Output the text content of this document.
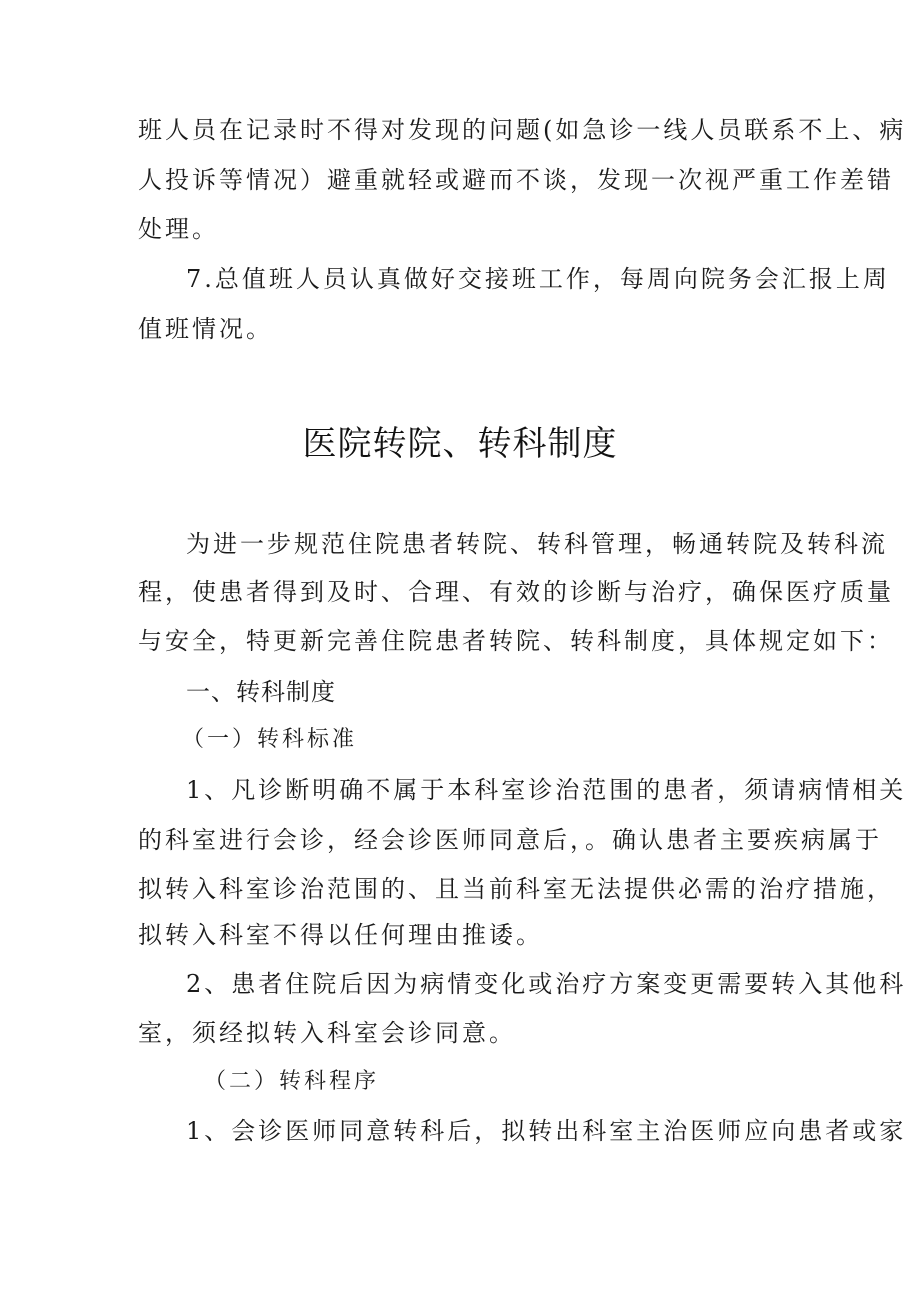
班人员在记录时不得对发现的问题(如急诊一线人员联系不上、病
人投诉等情况）避重就轻或避而不谈，发现一次视严重工作差错
处理。
7.总值班人员认真做好交接班工作，每周向院务会汇报上周
值班情况。
医院转院、转科制度
为进一步规范住院患者转院、转科管理，畅通转院及转科流
程，使患者得到及时、合理、有效的诊断与治疗，确保医疗质量
与安全，特更新完善住院患者转院、转科制度，具体规定如下：
一、转科制度
（一）转科标准
1、凡诊断明确不属于本科室诊治范围的患者，须请病情相关
的科室进行会诊，经会诊医师同意后，。确认患者主要疾病属于
拟转入科室诊治范围的、且当前科室无法提供必需的治疗措施，
拟转入科室不得以任何理由推诿。
2、患者住院后因为病情变化或治疗方案变更需要转入其他科
室，须经拟转入科室会诊同意。
（二）转科程序
1、会诊医师同意转科后，拟转出科室主治医师应向患者或家
